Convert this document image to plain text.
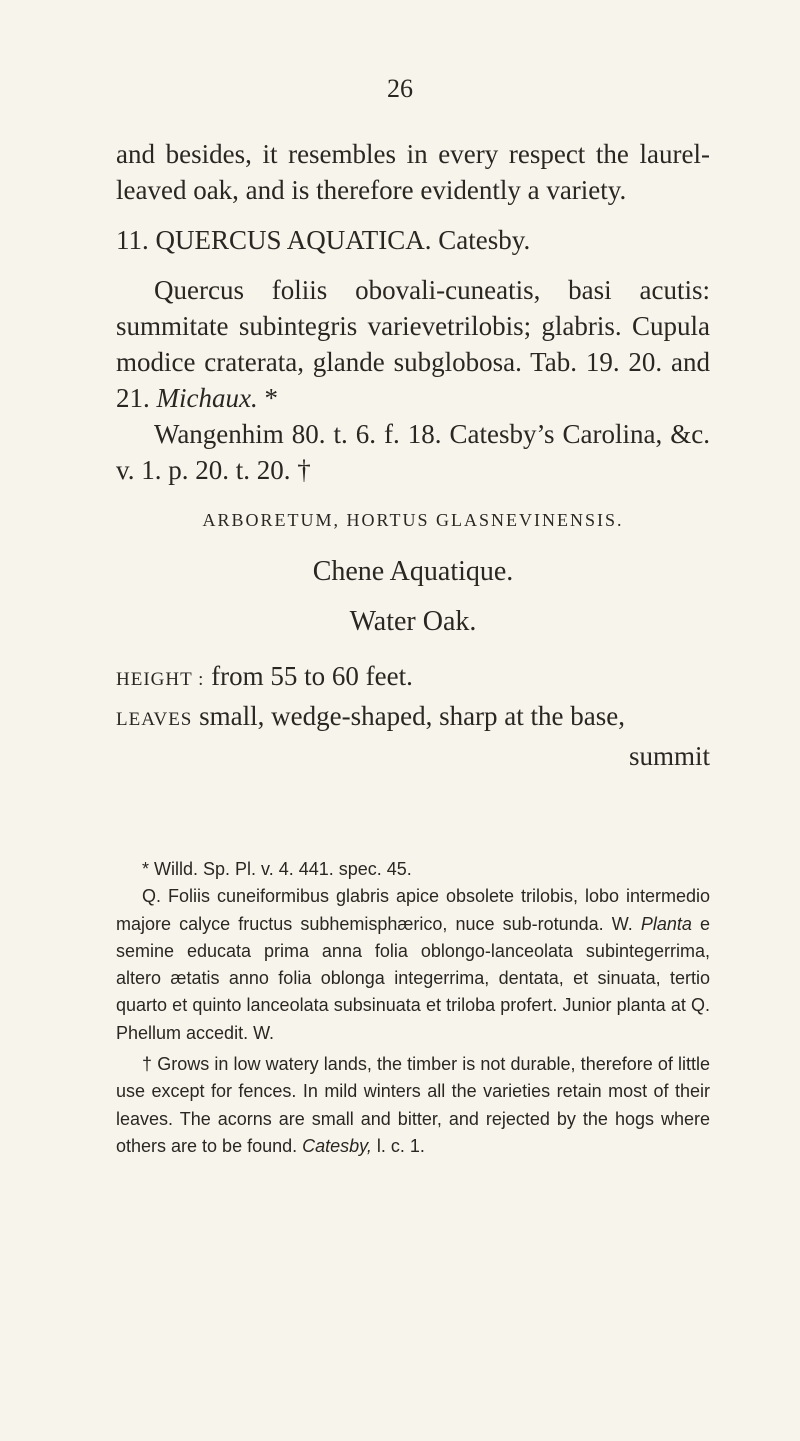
26

and besides, it resembles in every respect the laurel-leaved oak, and is therefore evidently a variety.

11. QUERCUS AQUATICA. Catesby.

Quercus foliis obovali-cuneatis, basi acutis: summitate subintegris varievetrilobis; glabris. Cupula modice craterata, glande subglobosa. Tab. 19. 20. and 21. Michaux. *

Wangenhim 80. t. 6. f. 18. Catesby’s Carolina, &c. v. 1. p. 20. t. 20. †

ARBORETUM, HORTUS GLASNEVINENSIS.

Chene Aquatique.

Water Oak.

HEIGHT : from 55 to 60 feet.

LEAVES small, wedge-shaped, sharp at the base,

summit

* Willd. Sp. Pl. v. 4. 441. spec. 45.

Q. Foliis cuneiformibus glabris apice obsolete trilobis, lobo intermedio majore calyce fructus subhemisphærico, nuce sub-rotunda. W. Planta e semine educata prima anna folia oblongo-lanceolata subintegerrima, altero ætatis anno folia oblonga integerrima, dentata, et sinuata, tertio quarto et quinto lanceolata subsinuata et triloba profert. Junior planta at Q. Phellum accedit. W.

† Grows in low watery lands, the timber is not durable, therefore of little use except for fences. In mild winters all the varieties retain most of their leaves. The acorns are small and bitter, and rejected by the hogs where others are to be found. Catesby, l. c. 1.
